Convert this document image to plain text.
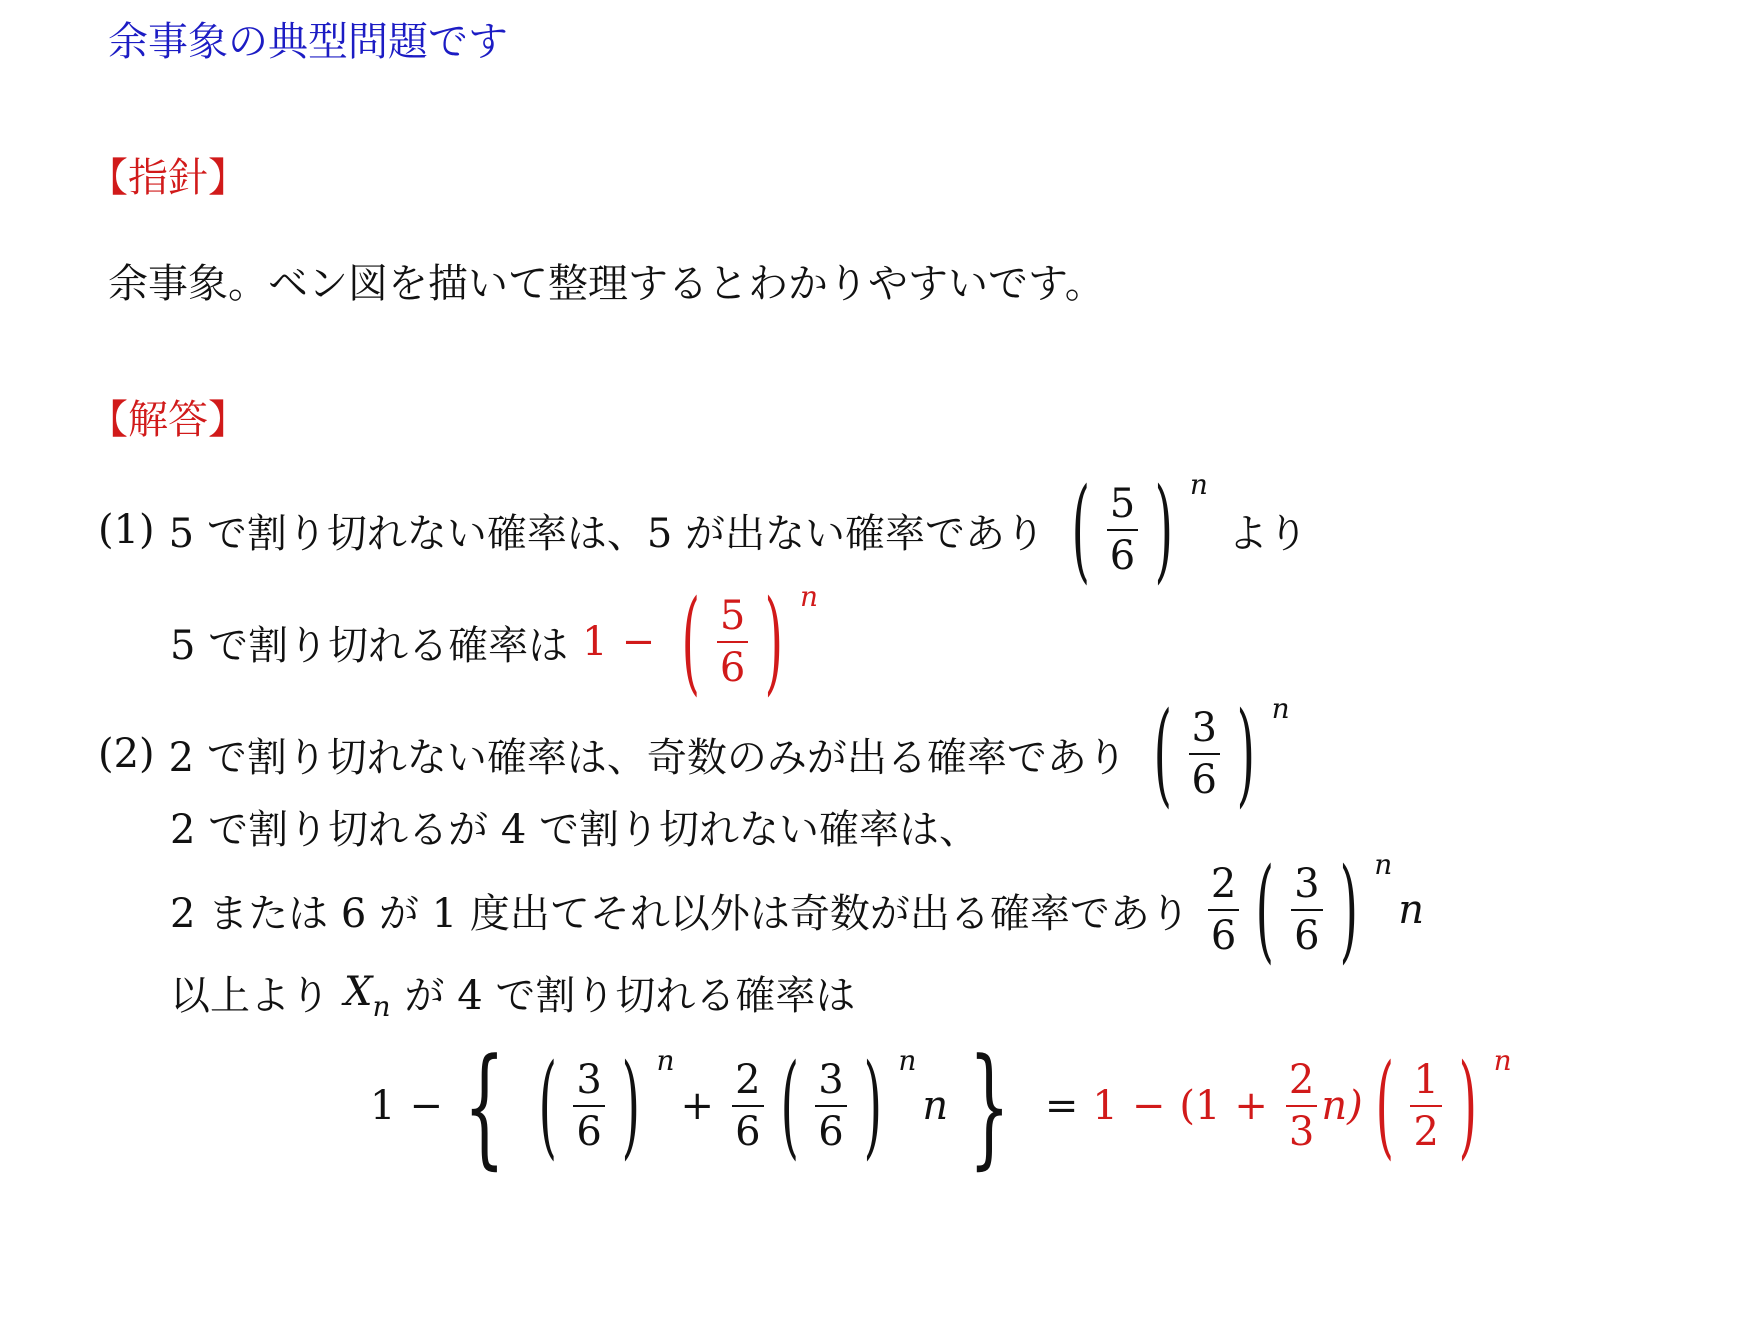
余事象の典型問題です
【指針】
余事象。ベン図を描いて整理するとわかりやすいです。
【解答】
(1) 5 で割り切れない確率は、5 が出ない確率であり ( $\frac{5}{6}$ ) n
より
5 で割り切れる確率は 1 − ( $\frac{5}{6}$ ) n
(2) 2 で割り切れない確率は、奇数のみが出る確率であり ( $\frac{3}{6}$ ) n
2 で割り切れるが 4 で割り切れない確率は、
2 または 6 が 1 度出てそれ以外は奇数が出る確率であり $\frac{2}{6}$ ( $\frac{3}{6}$ ) n
n
以上より X n が 4 で割り切れる確率は
1 − { ( $\frac{3}{6}$ ) n
+ $\frac{2}{6}$ ( $\frac{3}{6}$ ) n
n } = $1 - (1 + \frac{2}{3} n)$ ( $\frac{1}{2}$ ) n
